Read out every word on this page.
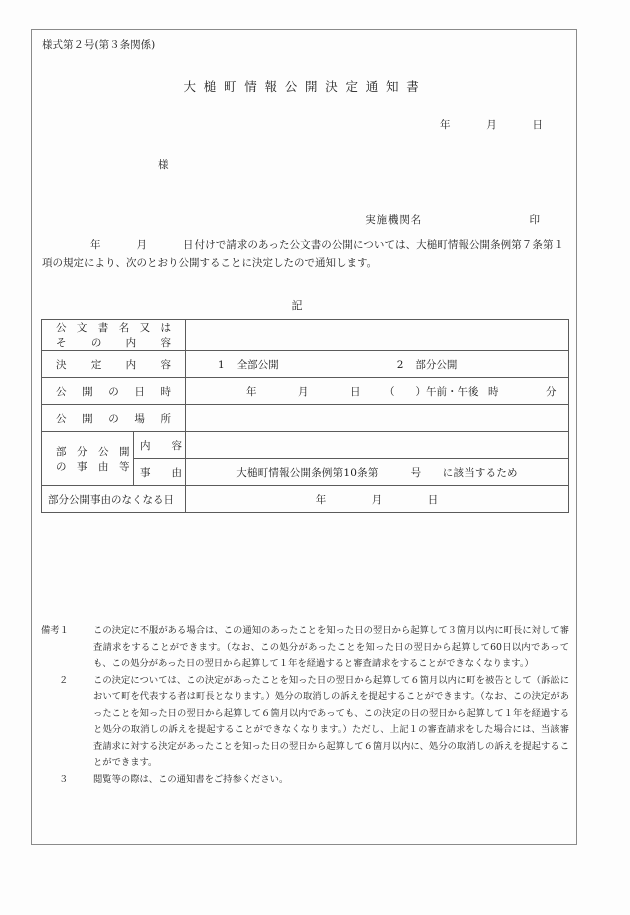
様式第２号(第３条関係)
大槌町情報公開決定通知書
年　　　月　　　日
様

実施機関名	印

年　　　月　　　日付けで請求のあった公文書の公開については、大槌町情報公開条例第７条第１項の規定により、次のとおり公開することに決定したので通知します。
記
公文書名又は
そ　の　内　容		

決　定　内　容		1 全部公開 2 部分公開

公　開　の　日　時		年 月 日 （　　）午前・午後 時 分

公　開　の　場　所		

部　分　公　開
の　事　由　等	内　　容	
	事　　由	大槌町情報公開条例第10条第　　　号　　に該当するため
部分公開事由のなくなる日		年 月 日
備考１	この決定に不服がある場合は、この通知のあったことを知った日の翌日から起算して３箇月以内に町長に対して審査請求をすることができます。（なお、この処分があったことを知った日の翌日から起算して60日以内であっても、この処分があった日の翌日から起算して１年を経過すると審査請求をすることができなくなります。）
２	この決定については、この決定があったことを知った日の翌日から起算して６箇月以内に町を被告として（訴訟において町を代表する者は町長となります。）処分の取消しの訴えを提起することができます。（なお、この決定があったことを知った日の翌日から起算して６箇月以内であっても、この決定の日の翌日から起算して１年を経過すると処分の取消しの訴えを提起することができなくなります。）ただし、上記１の審査請求をした場合には、当該審査請求に対する決定があったことを知った日の翌日から起算して６箇月以内に、処分の取消しの訴えを提起することができます。
３	閲覧等の際は、この通知書をご持参ください。
